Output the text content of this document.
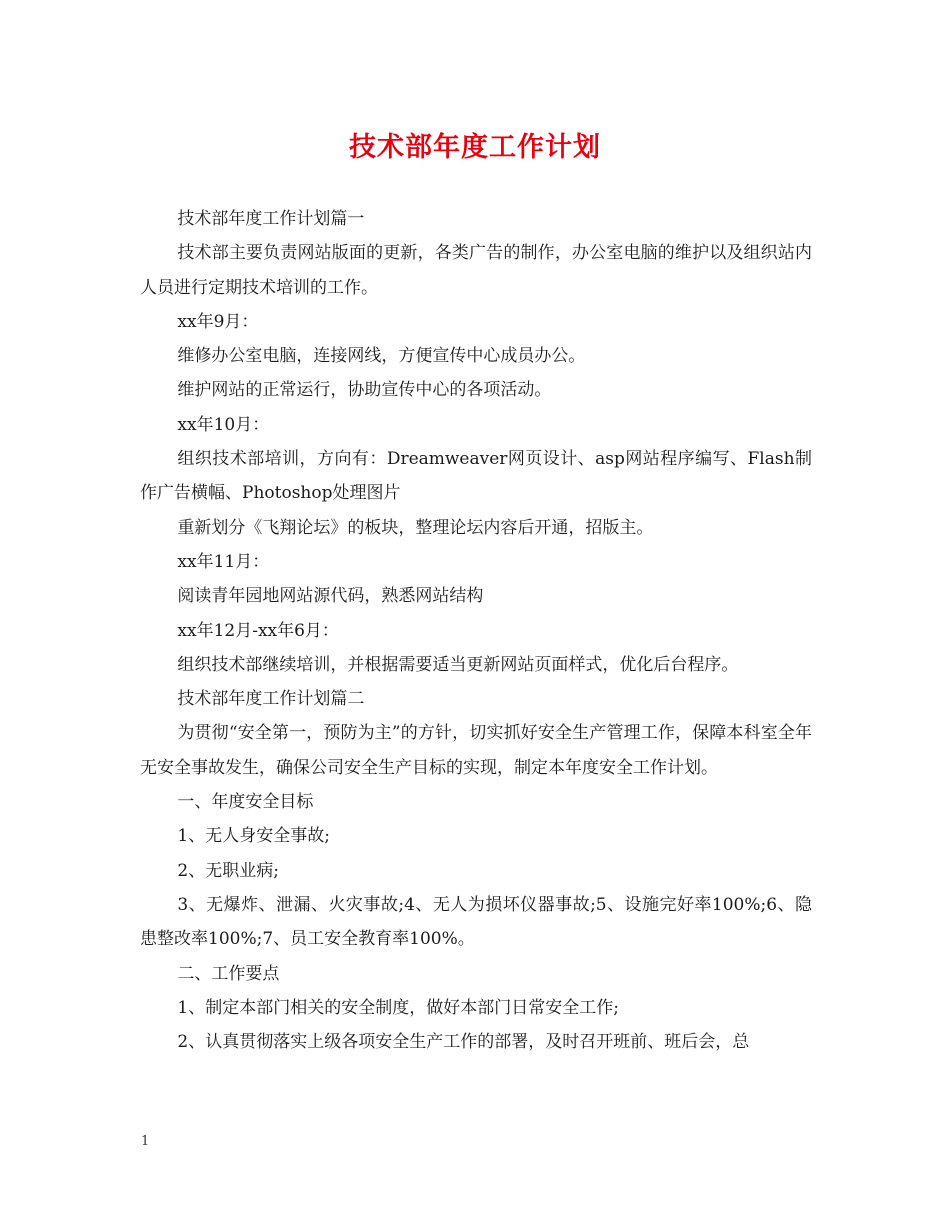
技术部年度工作计划

技术部年度工作计划篇一

技术部主要负责网站版面的更新，各类广告的制作，办公室电脑的维护以及组织站内人员进行定期技术培训的工作。

xx年9月：

维修办公室电脑，连接网线，方便宣传中心成员办公。

维护网站的正常运行，协助宣传中心的各项活动。

xx年10月：

组织技术部培训，方向有：Dreamweaver网页设计、asp网站程序编写、Flash制作广告横幅、Photoshop处理图片

重新划分《飞翔论坛》的板块，整理论坛内容后开通，招版主。

xx年11月：

阅读青年园地网站源代码，熟悉网站结构

xx年12月-xx年6月：

组织技术部继续培训，并根据需要适当更新网站页面样式，优化后台程序。

技术部年度工作计划篇二

为贯彻“安全第一，预防为主”的方针，切实抓好安全生产管理工作，保障本科室全年无安全事故发生，确保公司安全生产目标的实现，制定本年度安全工作计划。

一、年度安全目标

1、无人身安全事故;

2、无职业病;

3、无爆炸、泄漏、火灾事故;4、无人为损坏仪器事故;5、设施完好率100%;6、隐患整改率100%;7、员工安全教育率100%。

二、工作要点

1、制定本部门相关的安全制度，做好本部门日常安全工作;

2、认真贯彻落实上级各项安全生产工作的部署，及时召开班前、班后会，总

1
